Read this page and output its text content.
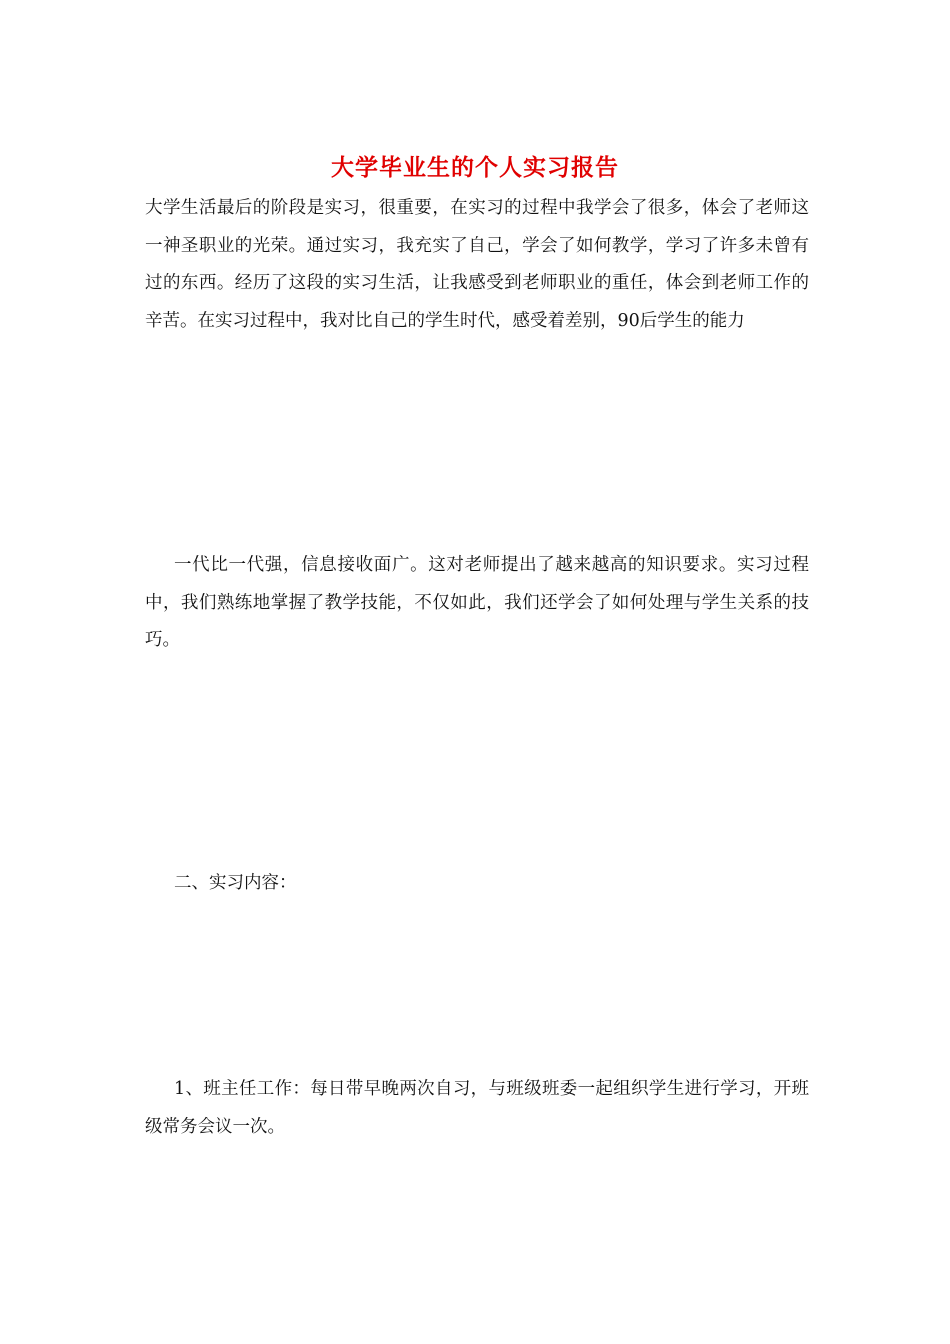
大学毕业生的个人实习报告

大学生活最后的阶段是实习，很重要，在实习的过程中我学会了很多，体会了老师这一神圣职业的光荣。通过实习，我充实了自己，学会了如何教学，学习了许多未曾有过的东西。经历了这段的实习生活，让我感受到老师职业的重任，体会到老师工作的辛苦。在实习过程中，我对比自己的学生时代，感受着差别，90后学生的能力

一代比一代强，信息接收面广。这对老师提出了越来越高的知识要求。实习过程中，我们熟练地掌握了教学技能，不仅如此，我们还学会了如何处理与学生关系的技巧。

二、实习内容：

1、班主任工作：每日带早晚两次自习，与班级班委一起组织学生进行学习，开班级常务会议一次。
